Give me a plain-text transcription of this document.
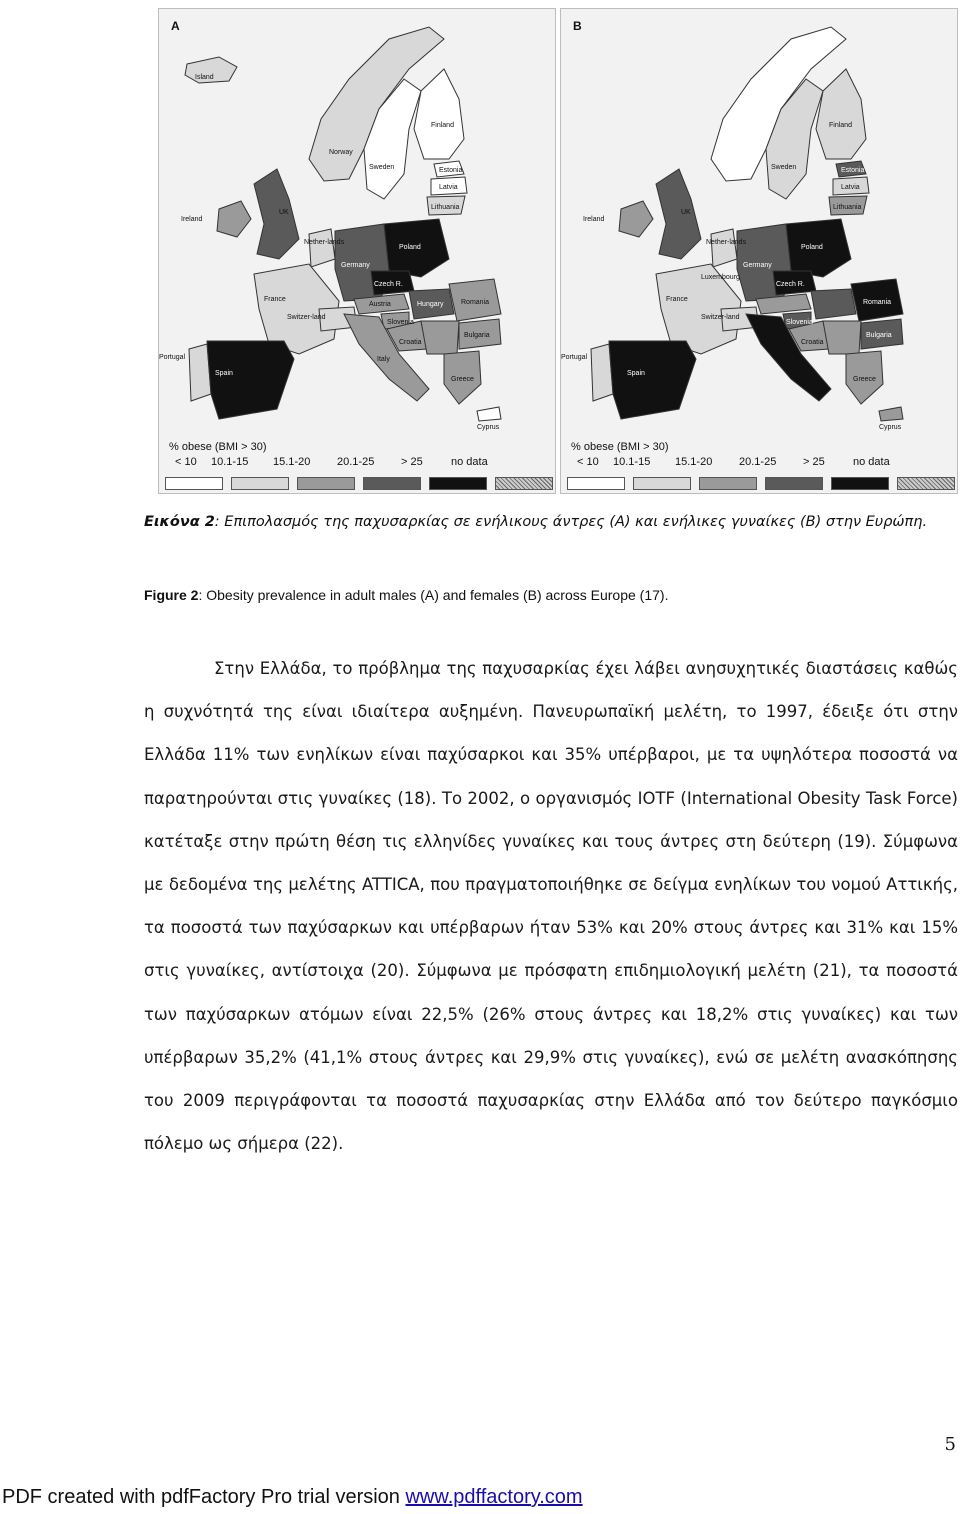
Island
Finland
Norway
Sweden	Estonia
Latvia
Lithuania
Ireland
UK
Nether-lands
Poland
Germany
Czech R.
France
Austria	Hungary	Romania
Switzer-land
Slovenia
Croatia
Bulgaria
Portugal
Spain
Italy
Greece
Cyprus
A
% obese (BMI > 30)
< 10 10.1-15 15.1-20 20.1-25 > 25	no data
Finland
Sweden	Estonia
Latvia
Lithuania
Ireland
UK
Nether-lands
Poland
Germany
Czech R.
Luxembourg
France
Switzer-land
Slovenia
Croatia
Romania
Bulgaria
Portugal
Spain
Greece
Cyprus
B
% obese (BMI > 30)
< 10 10.1-15 15.1-20 20.1-25 > 25	no data
Εικόνα 2: Επιπολασμός της παχυσαρκίας σε ενήλικους άντρες (Α) και ενήλικες γυναίκες (Β) στην Ευρώπη.
Figure 2: Obesity prevalence in adult males (A) and females (B) across Europe (17).
Στην Ελλάδα, το πρόβλημα της παχυσαρκίας έχει λάβει ανησυχητικές διαστάσεις καθώς η συχνότητά της είναι ιδιαίτερα αυξημένη. Πανευρωπαϊκή μελέτη, το 1997, έδειξε ότι στην Ελλάδα 11% των ενηλίκων είναι παχύσαρκοι και 35% υπέρβαροι, με τα υψηλότερα ποσοστά να παρατηρούνται στις γυναίκες (18). Το 2002, ο οργανισμός IOTF (International Obesity Task Force) κατέταξε στην πρώτη θέση τις ελληνίδες γυναίκες και τους άντρες στη δεύτερη (19). Σύμφωνα με δεδομένα της μελέτης ATTICA, που πραγματοποιήθηκε σε δείγμα ενηλίκων του νομού Αττικής, τα ποσοστά των παχύσαρκων και υπέρβαρων ήταν 53% και 20% στους άντρες και 31% και 15% στις γυναίκες, αντίστοιχα (20). Σύμφωνα με πρόσφατη επιδημιολογική μελέτη (21), τα ποσοστά των παχύσαρκων ατόμων είναι 22,5% (26% στους άντρες και 18,2% στις γυναίκες) και των υπέρβαρων 35,2% (41,1% στους άντρες και 29,9% στις γυναίκες), ενώ σε μελέτη ανασκόπησης του 2009 περιγράφονται τα ποσοστά παχυσαρκίας στην Ελλάδα από τον δεύτερο παγκόσμιο πόλεμο ως σήμερα (22).
5
PDF created with pdfFactory Pro trial version www.pdffactory.com
